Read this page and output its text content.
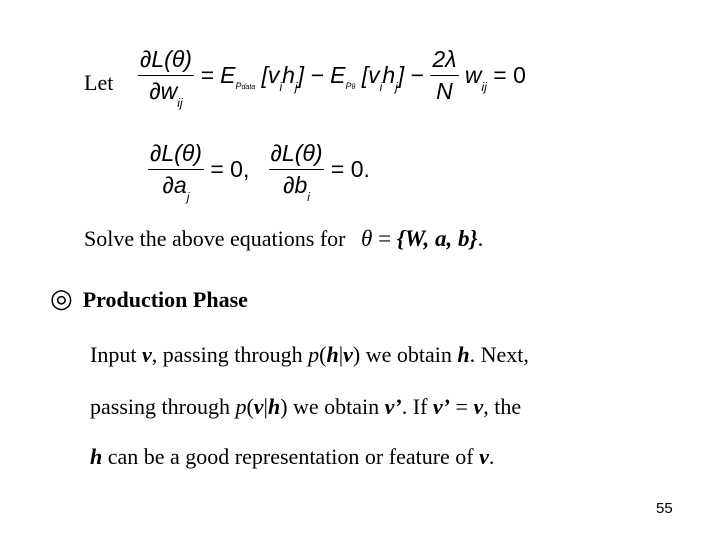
Let $\frac{\partial L(\theta)}{\partial w_{ij}} = E_{Pdata}$ $[v_ih_j] - E_{P\theta}$ $[v_ih_j] - \frac{2\lambda}{N} w_{ij} = 0$
$\frac{\partial L(\theta)}{\partial a_j} = 0$, $\frac{\partial L(\theta)}{\partial b_i} = 0$.
Solve the above equations for θ = {W, a, b}.
◎ Production Phase
Input v, passing through p(h|v) we obtain h. Next,
passing through p(v|h) we obtain v’. If v’ = v, the
h can be a good representation or feature of v.
55
